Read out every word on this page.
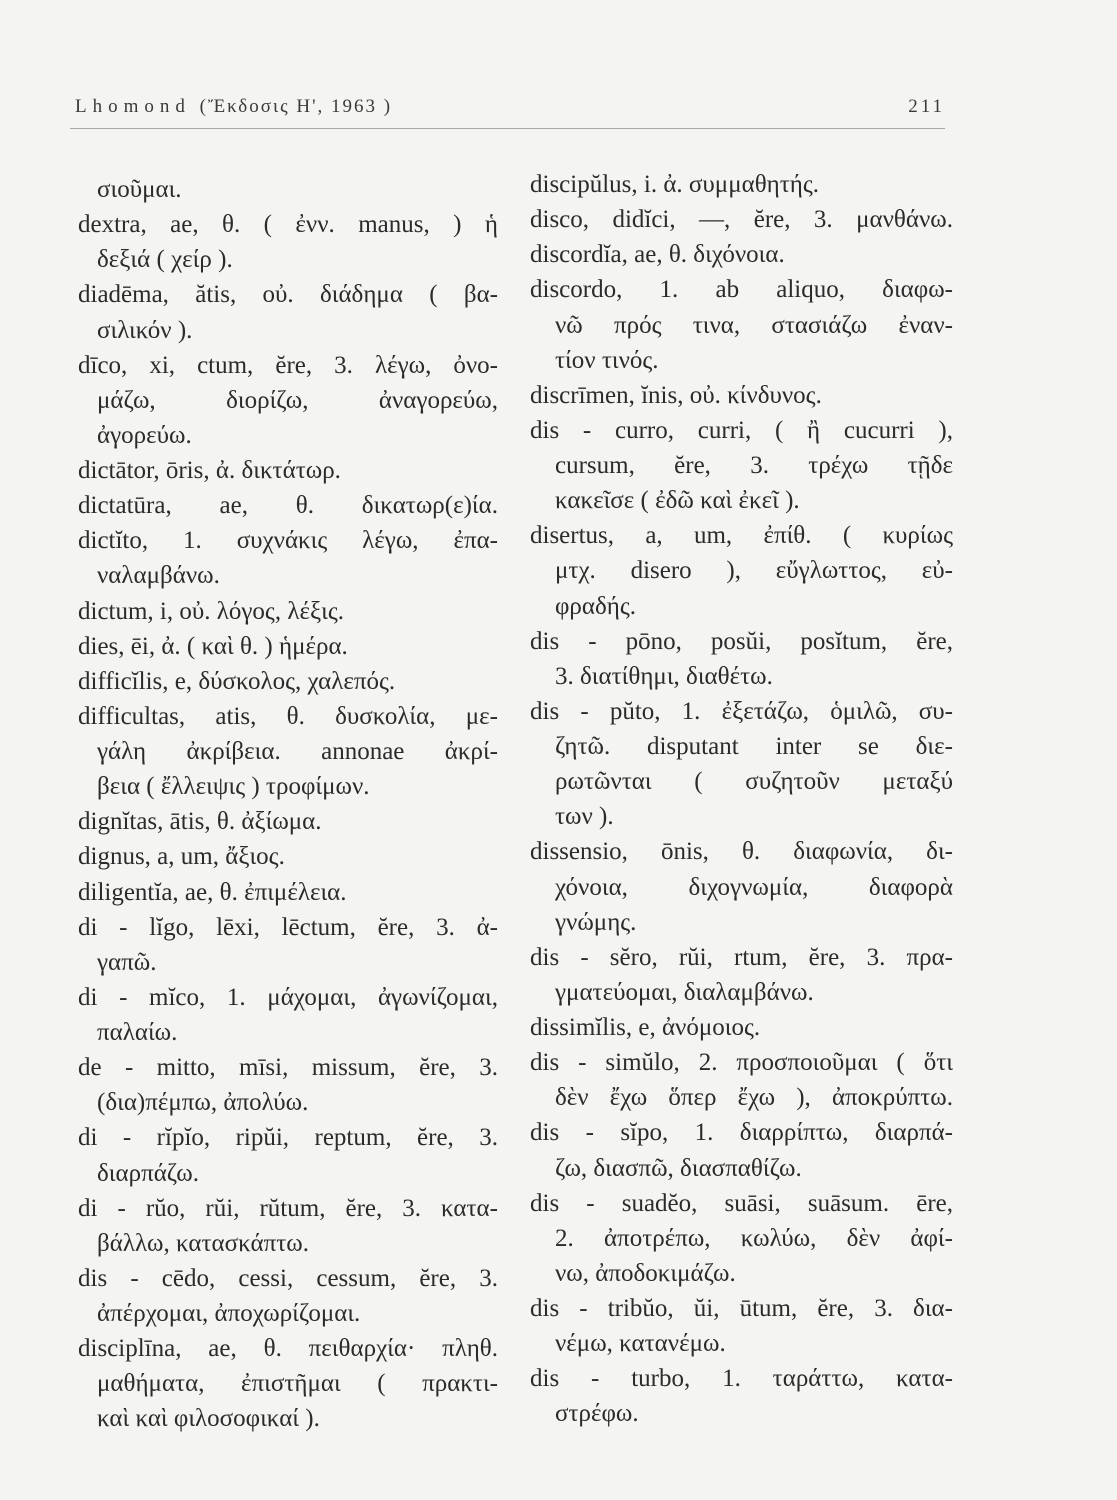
Lhomond (Ἔκδοσις Η', 1963 )	211
σιοῦμαι.
dextra, ae, θ. ( ἐνν. manus, ) ἡ
δεξιά ( χείρ ).
diadēma, ătis, οὐ. διάδημα ( βα-
σιλικόν ).
dīco, xi, ctum, ĕre, 3. λέγω, ὀνο-
μάζω, διορίζω, ἀναγορεύω,
ἀγορεύω.
dictātor, ōris, ἀ. δικτάτωρ.
dictatūra, ae, θ. δικατωρ(ε)ία.
dictĭto, 1. συχνάκις λέγω, ἐπα-
ναλαμβάνω.
dictum, i, οὐ. λόγος, λέξις.
dies, ēi, ἀ. ( καὶ θ. ) ἡμέρα.
difficĭlis, e, δύσκολος, χαλεπός.
difficultas, atis, θ. δυσκολία, με-
γάλη ἀκρίβεια. annonae ἀκρί-
βεια ( ἔλλειψις ) τροφίμων.
dignĭtas, ātis, θ. ἀξίωμα.
dignus, a, um, ἄξιος.
diligentĭa, ae, θ. ἐπιμέλεια.
di - lĭgo, lēxi, lēctum, ĕre, 3. ἀ-
γαπῶ.
di - mĭco, 1. μάχομαι, ἀγωνίζομαι,
παλαίω.
de - mitto, mīsi, missum, ĕre, 3.
(δια)πέμπω, ἀπολύω.
di - rĭpĭo, ripŭi, reptum, ĕre, 3.
διαρπάζω.
di - rŭo, rŭi, rŭtum, ĕre, 3. κατα-
βάλλω, κατασκάπτω.
dis - cēdo, cessi, cessum, ĕre, 3.
ἀπέρχομαι, ἀποχωρίζομαι.
disciplīna, ae, θ. πειθαρχία· πληθ.
μαθήματα, ἐπιστῆμαι ( πρακτι-
καὶ καὶ φιλοσοφικαί ).
discipŭlus, i. ἀ. συμμαθητής.
disco, didĭci, —, ĕre, 3. μανθάνω.
discordĭa, ae, θ. διχόνοια.
discordo, 1. ab aliquo, διαφω-
νῶ πρός τινα, στασιάζω ἐναν-
τίον τινός.
discrīmen, ĭnis, οὐ. κίνδυνος.
dis - curro, curri, ( ἢ cucurri ),
cursum, ĕre, 3. τρέχω τῇδε
κακεῖσε ( ἐδῶ καὶ ἐκεῖ ).
disertus, a, um, ἐπίθ. ( κυρίως
μτχ. disero ), εὔγλωττος, εὐ-
φραδής.
dis - pōno, posŭi, posĭtum, ĕre,
3. διατίθημι, διαθέτω.
dis - pŭto, 1. ἐξετάζω, ὁμιλῶ, συ-
ζητῶ. disputant inter se διε-
ρωτῶνται ( συζητοῦν μεταξύ
των ).
dissensio, ōnis, θ. διαφωνία, δι-
χόνοια, διχογνωμία, διαφορὰ
γνώμης.
dis - sĕro, rŭi, rtum, ĕre, 3. πρα-
γματεύομαι, διαλαμβάνω.
dissimĭlis, e, ἀνόμοιος.
dis - simŭlo, 2. προσποιοῦμαι ( ὅτι
δὲν ἔχω ὅπερ ἔχω ), ἀποκρύπτω.
dis - sĭpo, 1. διαρρίπτω, διαρπά-
ζω, διασπῶ, διασπαθίζω.
dis - suadĕo, suāsi, suāsum. ēre,
2. ἀποτρέπω, κωλύω, δὲν ἀφί-
νω, ἀποδοκιμάζω.
dis - tribŭo, ŭi, ūtum, ĕre, 3. δια-
νέμω, κατανέμω.
dis - turbo, 1. ταράττω, κατα-
στρέφω.
